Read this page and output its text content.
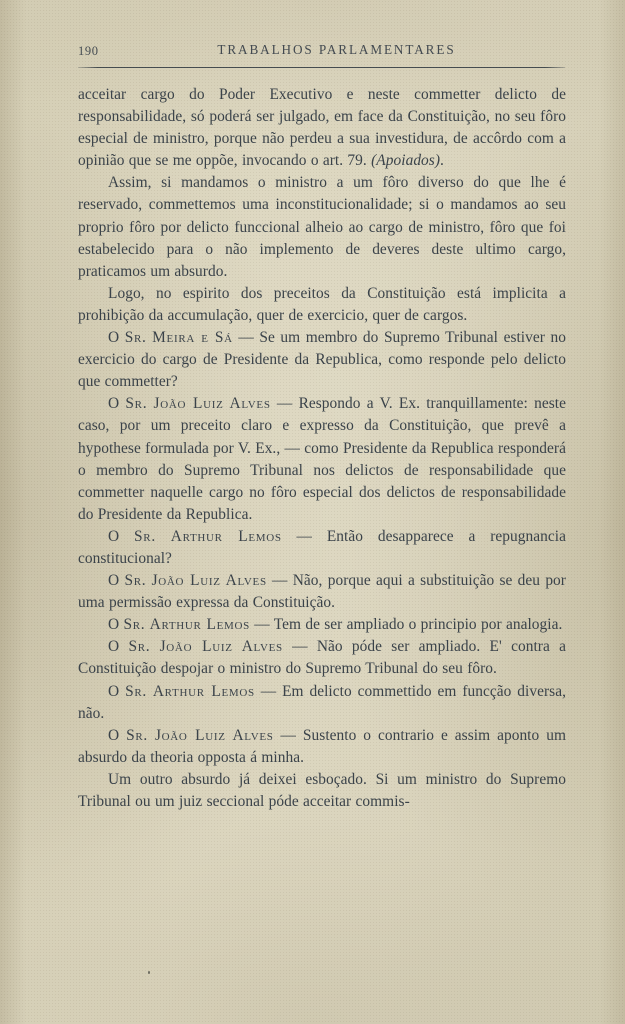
190	TRABALHOS PARLAMENTARES

acceitar cargo do Poder Executivo e neste commetter delicto de responsabilidade, só poderá ser julgado, em face da Constituição, no seu fôro especial de ministro, porque não perdeu a sua investidura, de accôrdo com a opinião que se me oppõe, invocando o art. 79. (Apoiados).

Assim, si mandamos o ministro a um fôro diverso do que lhe é reservado, commettemos uma inconstitucionalidade; si o mandamos ao seu proprio fôro por delicto funccional alheio ao cargo de ministro, fôro que foi estabelecido para o não implemento de deveres deste ultimo cargo, praticamos um absurdo.

Logo, no espirito dos preceitos da Constituição está implicita a prohibição da accumulação, quer de exercicio, quer de cargos.

O Sr. Meira e Sá — Se um membro do Supremo Tribunal estiver no exercicio do cargo de Presidente da Republica, como responde pelo delicto que commetter?

O Sr. João Luiz Alves — Respondo a V. Ex. tranquillamente: neste caso, por um preceito claro e expresso da Constituição, que prevê a hypothese formulada por V. Ex., — como Presidente da Republica responderá o membro do Supremo Tribunal nos delictos de responsabilidade que commetter naquelle cargo no fôro especial dos delictos de responsabilidade do Presidente da Republica.

O Sr. Arthur Lemos — Então desapparece a repugnancia constitucional?

O Sr. João Luiz Alves — Não, porque aqui a substituição se deu por uma permissão expressa da Constituição.

O Sr. Arthur Lemos — Tem de ser ampliado o principio por analogia.

O Sr. João Luiz Alves — Não póde ser ampliado. E' contra a Constituição despojar o ministro do Supremo Tribunal do seu fôro.

O Sr. Arthur Lemos — Em delicto commettido em funcção diversa, não.

O Sr. João Luiz Alves — Sustento o contrario e assim aponto um absurdo da theoria opposta á minha.

Um outro absurdo já deixei esboçado. Si um ministro do Supremo Tribunal ou um juiz seccional póde acceitar commis-
